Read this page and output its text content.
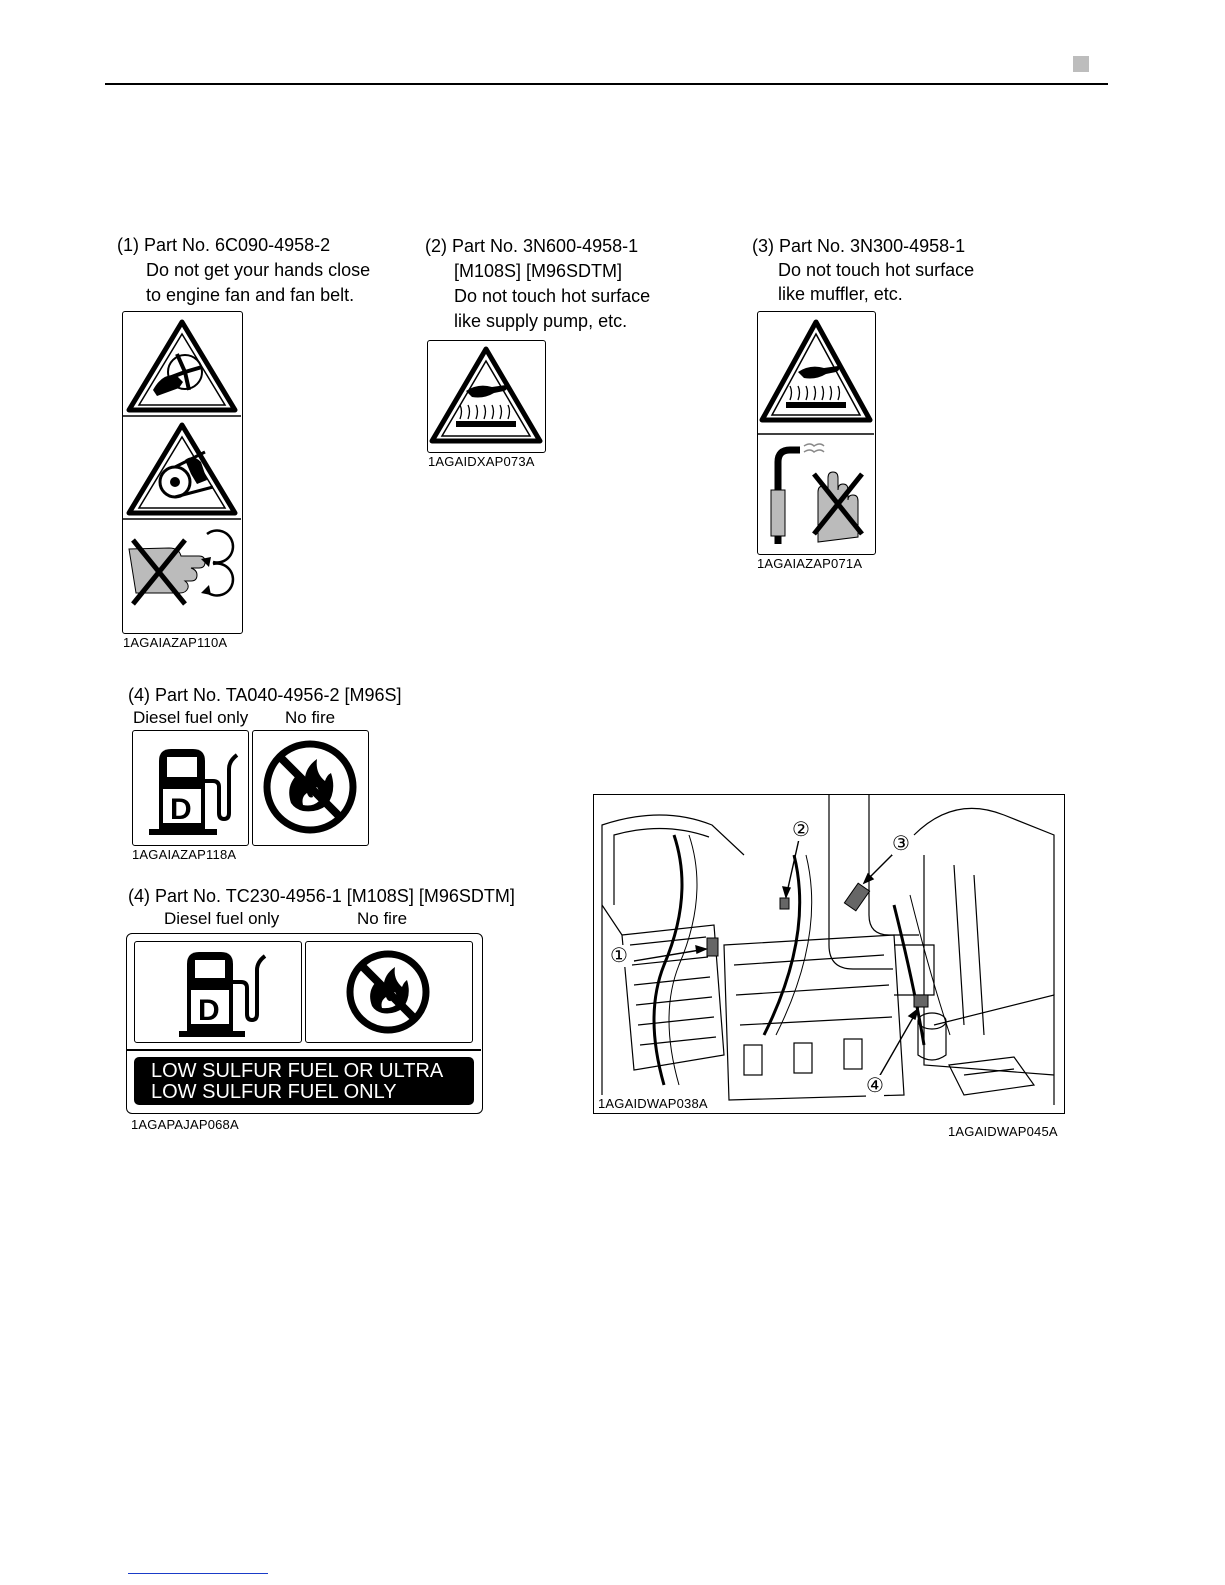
(1) Part No. 6C090-4958-2
Do not get your hands close
to engine fan and fan belt.
1AGAIAZAP110A
(2) Part No. 3N600-4958-1
[M108S] [M96SDTM]
Do not touch hot surface
like supply pump, etc.
1AGAIDXAP073A
(3) Part No. 3N300-4958-1
Do not touch hot surface
like muffler, etc.
1AGAIAZAP071A
(4) Part No. TA040-4956-2 [M96S]
Diesel fuel only No fire
D
1AGAIAZAP118A
(4) Part No. TC230-4956-1 [M108S] [M96SDTM]
Diesel fuel only	No fire
D
LOW SULFUR FUEL OR ULTRA
LOW SULFUR FUEL ONLY
1AGAPAJAP068A
①
②
③
④
1AGAIDWAP038A
1AGAIDWAP045A
